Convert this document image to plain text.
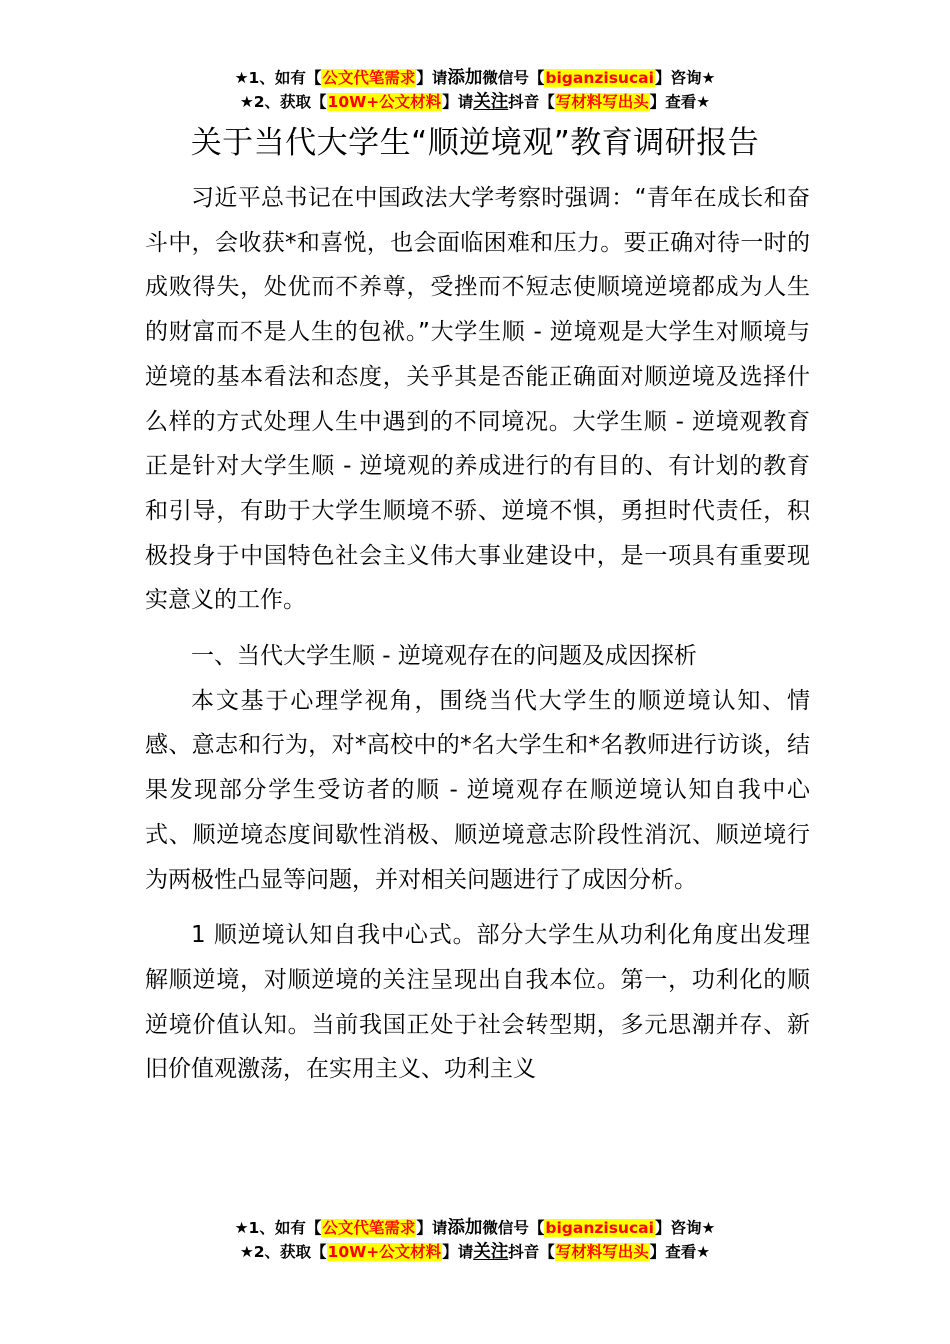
★1、如有【公文代笔需求】请添加微信号【biganzisucai】咨询★
★2、获取【10W+公文材料】请关注抖音【写材料写出头】查看★
关于当代大学生“顺逆境观”教育调研报告

习近平总书记在中国政法大学考察时强调：“青年在成长和奋斗中，会收获*和喜悦，也会面临困难和压力。要正确对待一时的成败得失，处优而不养尊，受挫而不短志使顺境逆境都成为人生的财富而不是人生的包袱。”大学生顺 - 逆境观是大学生对顺境与逆境的基本看法和态度，关乎其是否能正确面对顺逆境及选择什么样的方式处理人生中遇到的不同境况。大学生顺 - 逆境观教育正是针对大学生顺 - 逆境观的养成进行的有目的、有计划的教育和引导，有助于大学生顺境不骄、逆境不惧，勇担时代责任，积极投身于中国特色社会主义伟大事业建设中，是一项具有重要现实意义的工作。

一、当代大学生顺 - 逆境观存在的问题及成因探析

本文基于心理学视角，围绕当代大学生的顺逆境认知、情感、意志和行为，对*高校中的*名大学生和*名教师进行访谈，结果发现部分学生受访者的顺 - 逆境观存在顺逆境认知自我中心式、顺逆境态度间歇性消极、顺逆境意志阶段性消沉、顺逆境行为两极性凸显等问题，并对相关问题进行了成因分析。

1 顺逆境认知自我中心式。部分大学生从功利化角度出发理解顺逆境，对顺逆境的关注呈现出自我本位。第一，功利化的顺逆境价值认知。当前我国正处于社会转型期，多元思潮并存、新旧价值观激荡，在实用主义、功利主义

★1、如有【公文代笔需求】请添加微信号【biganzisucai】咨询★
★2、获取【10W+公文材料】请关注抖音【写材料写出头】查看★
